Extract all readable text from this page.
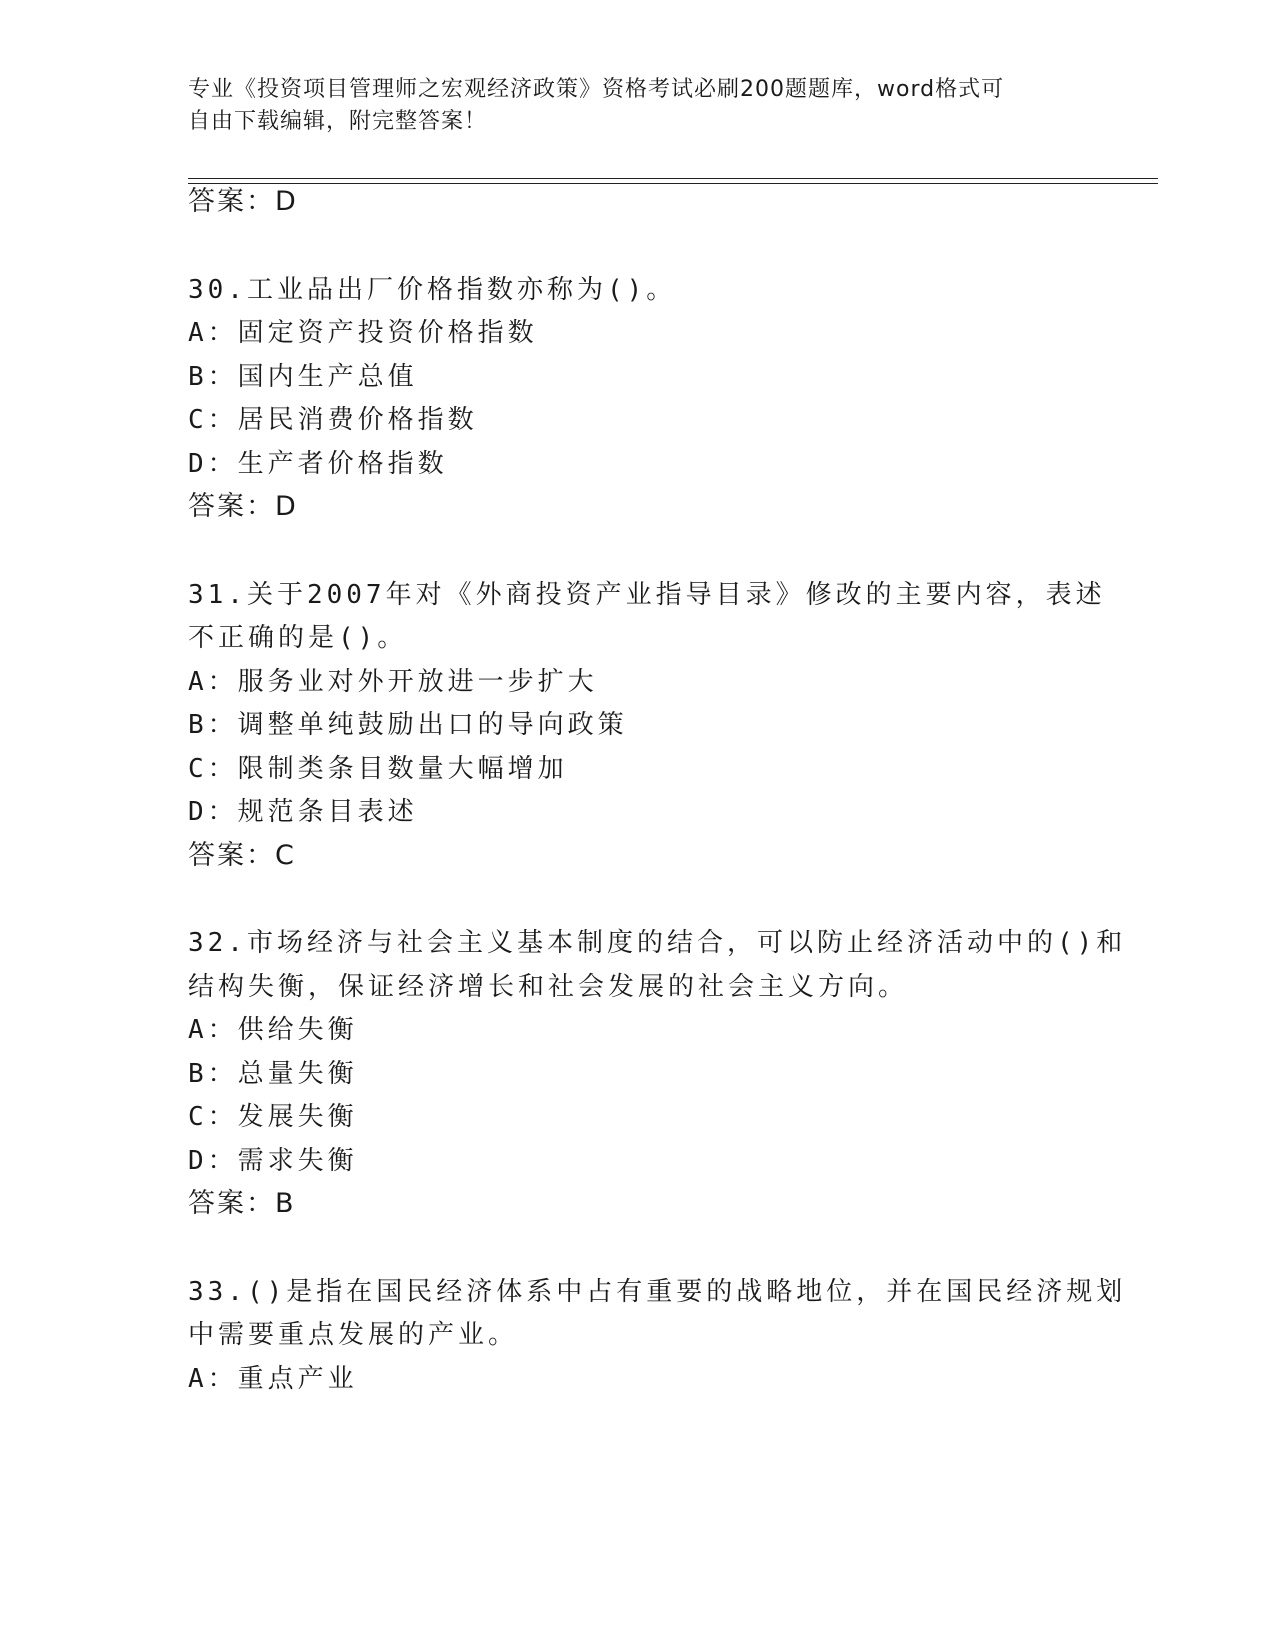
专业《投资项目管理师之宏观经济政策》资格考试必刷200题题库，word格式可
自由下载编辑，附完整答案！
答案：D
30.工业品出厂价格指数亦称为()。
A：固定资产投资价格指数
B：国内生产总值
C：居民消费价格指数
D：生产者价格指数
答案：D
31.关于2007年对《外商投资产业指导目录》修改的主要内容，表述
不正确的是()。
A：服务业对外开放进一步扩大
B：调整单纯鼓励出口的导向政策
C：限制类条目数量大幅增加
D：规范条目表述
答案：C
32.市场经济与社会主义基本制度的结合，可以防止经济活动中的()和
结构失衡，保证经济增长和社会发展的社会主义方向。
A：供给失衡
B：总量失衡
C：发展失衡
D：需求失衡
答案：B
33.()是指在国民经济体系中占有重要的战略地位，并在国民经济规划
中需要重点发展的产业。
A：重点产业
